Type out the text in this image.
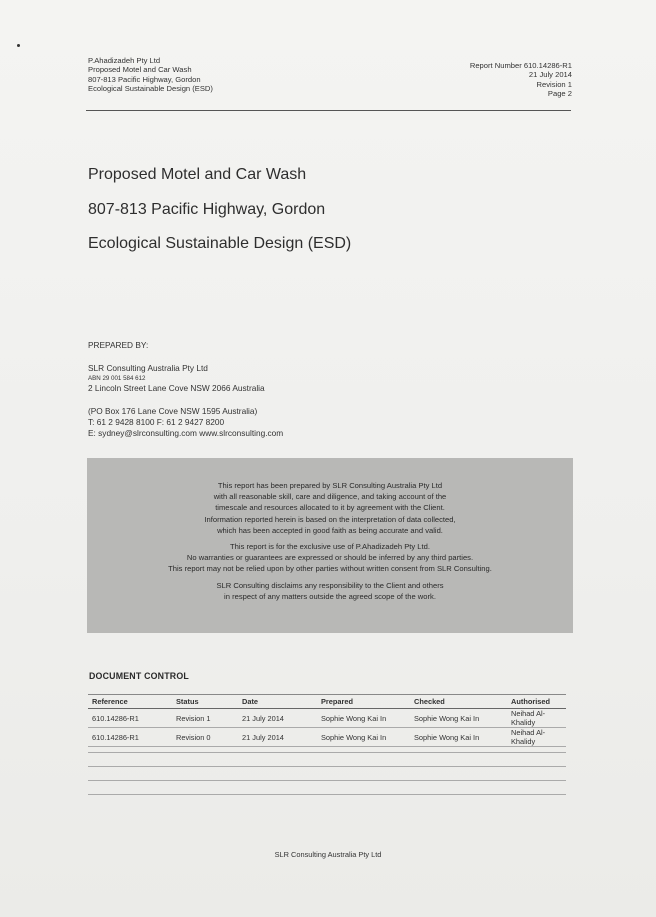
P.Ahadizadeh Pty Ltd
Proposed Motel and Car Wash
807-813 Pacific Highway, Gordon
Ecological Sustainable Design (ESD)
Report Number 610.14286-R1
21 July 2014
Revision 1
Page 2
Proposed Motel and Car Wash
807-813 Pacific Highway, Gordon
Ecological Sustainable Design (ESD)
PREPARED BY:
SLR Consulting Australia Pty Ltd
ABN 29 001 584 612
2 Lincoln Street Lane Cove NSW 2066 Australia
(PO Box 176 Lane Cove NSW 1595 Australia)
T: 61 2 9428 8100 F: 61 2 9427 8200
E: sydney@slrconsulting.com www.slrconsulting.com

This report has been prepared by SLR Consulting Australia Pty Ltd
with all reasonable skill, care and diligence, and taking account of the
timescale and resources allocated to it by agreement with the Client.
Information reported herein is based on the interpretation of data collected,
which has been accepted in good faith as being accurate and valid.

This report is for the exclusive use of P.Ahadizadeh Pty Ltd.
No warranties or guarantees are expressed or should be inferred by any third parties.
This report may not be relied upon by other parties without written consent from SLR Consulting.

SLR Consulting disclaims any responsibility to the Client and others
in respect of any matters outside the agreed scope of the work.

DOCUMENT CONTROL
Reference	Status	Date	Prepared	Checked	Authorised
610.14286-R1	Revision 1	21 July 2014	Sophie Wong Kai In	Sophie Wong Kai In	Neihad Al-Khalidy
610.14286-R1	Revision 0	21 July 2014	Sophie Wong Kai In	Sophie Wong Kai In	Neihad Al-Khalidy
SLR Consulting Australia Pty Ltd
